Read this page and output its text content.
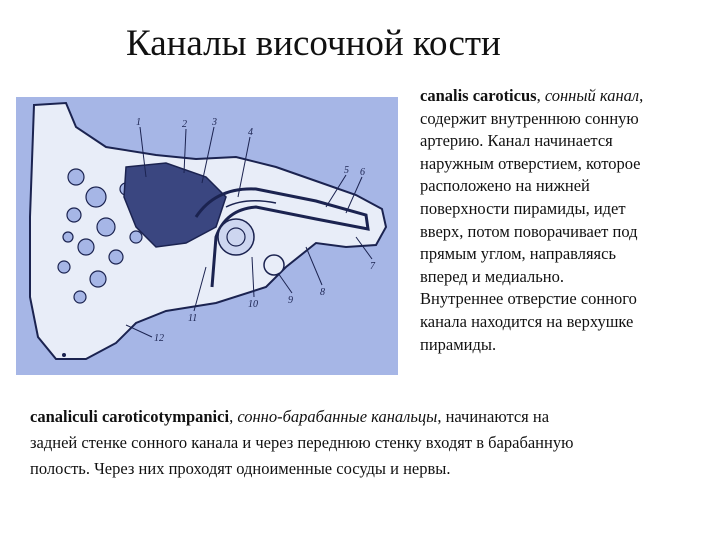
Каналы височной кости
1	2	3
4
5 6
7
8
9
10
11
12

canalis caroticus, сонный канал,

содержит внутреннюю сонную

артерию. Канал начинается

наружным отверстием, которое

расположено на нижней

поверхности пирамиды, идет

вверх, потом поворачивает под

прямым углом, направляясь

вперед и медиально.

Внутреннее отверстие сонного

канала находится на верхушке

пирамиды.

canaliculi caroticotympanici, сонно-барабанные канальцы, начинаются на

задней стенке сонного канала и через переднюю стенку входят в барабанную

полость. Через них проходят одноименные сосуды и нервы.
